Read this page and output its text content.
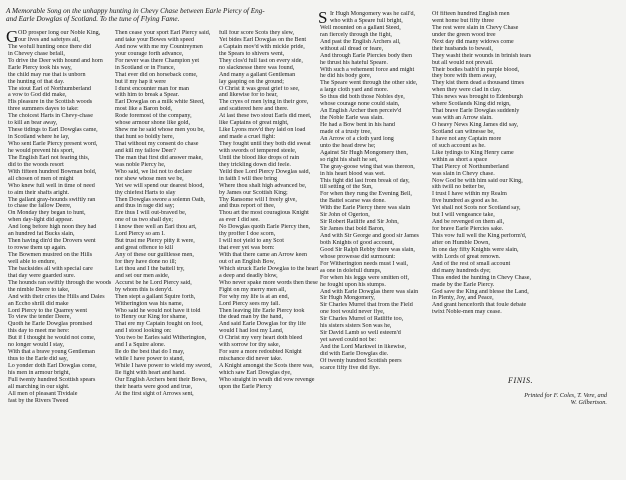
A Memorable Song on the unhappy hunting in Chevy Chase between Earle Piercy of Eng-
and Earle Dowglas of Scotland. To the tune of Flying Fame.
G OD prosper long our Noble King,
our lives and safetyes all,
The wofull hunting once there did
in Chevey chase befall,
To drive the Deer with hound and horn
Earle Piercy took his way,
the child may rue that is unborn
the hunting of that day.
The stout Earl of Northumberland
a vow to God did make,
His pleasure in the Scottish woods
three summers dayes to take:
The choicest Harts in Chevy-chase
to kill an bear away,
These tidings to Earl Dowglas came,
in Scotland where he lay,
Who sent Earle Piercy present word,
he would prevent his sport,
The English Earl not fearing this,
did to the woods resort
With fifteen hundred Bowman bold,
all chosen of men of might
Who knew full well in time of need
to aim their shafts aright.
The gallant gray-hounds swiftly ran
to chase the fallow Deere,
On Monday they began to hunt,
when day-light did appear.
And long before high noon they had
an hundred fat Bucks slain,
Then having din'd the Drovers went
to rowse them up again.
The Bowmen mustred on the Hills
well able to endure,
The backsides all with special care
that day were guarded sure.
The hounds ran swiftly through the woods
the nimble Deere to take,
And with their cries the Hills and Dales
an Eccho shrill did make
Lord Piercy to the Quarrey went
To view the tender Deere,
Quoth he Earle Dowglas promised
this day to meet me here:
But if I thought he would not come,
no longer would I stay,
With that a brave young Gentleman
thus to the Earle did say,
Lo yonder doth Earl Dowglas come,
his men in armour bright,
Full twenty hundred Scottish spears
all marching in our sight.
All men of pleasant Tividale
fast by the Rivers Tweed
Then cease your sport Earl Piercy said,
and take your Bowes with speed
And now with me my Countreymen
your courage forth advance,
For never was there Champion yet
in Scotland or in France,
That ever did on horseback come,
but if my hap it were
I durst encounter man for man
with him to break a Spear.
Earl Dowglas on a milk white Steed,
most like a Baron bold,
Rode foremost of the company,
whose armour shone like gold,
Shew me he said whose men you be,
that hunt so boldly here,
That without my consent do chase
and kill my fallow Deer?
The man that first did answer make,
was noble Piercy he,
Who said, we list not to declare
nor shew whose men we be,
Yet we will spend our dearest blood,
thy chiefest Harts to slay
Then Dowglas swore a solemn Oath,
and thus in rage did say;
Ere thus I will out-braved be,
one of us two shall dye;
I know thee well an Earl thou art,
Lord Piercy so am I.
But trust me Piercy pitty it were,
and great offence to kill
Any of these our guiltlesse men,
for they have done no ill;
Let thou and I the battell try,
and set our men aside,
Accurst be he Lord Piercy said,
by whom this is deny'd.
Then stept a gallant Squire forth,
Witherington was his name,
Who said he would not have it told
to Henry our King for shame,
That ere my Captain fought on foot,
and I stood looking on:
You two be Earles said Witherington,
and I a Squire alone.
Ile do the best that do I may,
while I have power to stand,
While I have power to wield my sword,
Ile fight with heart and hand.
Our English Archers bent their Bows,
their hearts were good and true,
At the first sight of Arrows sent,
full four score Scots they slew,
Yet bides Earl Dowglas on the Bent
a Captain mov'd with mickle pride,
the Spears to shivers went,
They clos'd full fast on every side,
no slacknesse there was found,
And many a gallant Gentleman
lay gasping on the ground;
O Christ it was great grief to see,
and likewise for to hear,
The cryes of men lying in their gore,
and scattered here and there.
At last these two stout Earls did meet,
like Captains of great might,
Like Lyons mov'd they laid on load
and made a cruel fight:
They fought until they both did sweat
with swords of tempered steele,
Until the blood like drops of rain
they trickling down did feele.
Yeild thee Lord Piercy Dowglas said,
in faith I will thee bring
Where thou shalt high advanced be,
by James our Scottish King;
Thy Ransome will I freely give,
and thus report of thee,
Thou art the most couragious Knight
as ever I did see.
No Dowglas quoth Earle Piercy then,
thy proffer I doe scorn,
I will not yield to any Scot
that ever yet was born:
With that there came an Arrow keen
out of an English Bow,
Which struck Earle Dowglas to the heart
a deep and deadly blow,
Who never spake more words then these
Fight on my merry men all,
For why my life is at an end,
Lord Piercy sees my fall.
Then leaving life Earle Piercy took
the dead man by the hand,
And said Earle Dowglas for thy life
would I had lost my Land,
O Christ my very heart doth bleed
with sorrow for thy sake,
For sure a more redoubted Knight
mischance did never take.
A Knight amongst the Scots there was,
which saw Earl Dowglas dye,
Who straight in wrath did vow revenge
upon the Earle Piercy
S Ir Hugh Mongomery was he call'd,
who with a Speare full bright,
Well mounted on a gallant Steed,
ran fiercely through the fight,
And past the English Archers all,
without all dread or feare,
And through Earle Piercies body then
he thrust his hateful Speare.
With such a vehement force and might
he did his body gore,
The Speare went through the other side,
a large cloth yard and more.
So thus did both those Nobles dye,
whose courage none could stain,
An English Archer then perceiv'd
the Noble Earle was slain.
He had a Bow bent in his hand
made of a trusty tree,
An Arrow of a cloth yard long
unto the head drew he;
Against Sir Hugh Mongomery then,
so right his shaft he set,
The gray-goose wing that was thereon,
in his heart blood was wet.
This fight did last from break of day,
till setting of the Sun,
For when they rung the Evening Bell,
the Battel scarse was done.
With the Earle Piercy there was slain
Sir John of Ogerton,
Sir Robert Ratliffe and Sir John,
Sir James that bold Baron,
And with Sir George and good sir James
both Knights of good account,
Good Sir Ralph Rebby there was slain,
whose prowesse did surmount:
For Witherington needs must I wail,
as one in dolefull dumps,
For when his leggs were smitten off,
he fought upon his stumps.
And with Earle Dowglas there was slain
Sir Hugh Mongomery,
Sir Charles Murrel that from the Field
one foot would never flye,
Sir Charles Murrel of Ratliffe too,
his sisters sisters Son was he,
Sir David Lamb so well esteem'd
yet saved could not be:
And the Lord Markwel in likewise,
did with Earle Dowglas die.
Of twenty hundred Scottish peers
scarce fifty five did flye.
Of fifteen hundred English men
went home but fifty three
The rest were slain in Chevy Chase
under the green wood tree
Next day did many widows come
their husbands to bewail,
They washt their wounds in brinish tears
but all would not prevail.
Their bodies bath'd in purple blood,
they bore with them away,
They kist them dead a thousand times
when they were clad in clay.
This news was brought to Edenburgh
where Scotlands King did reign,
That brave Earle Dowglas suddenly
was with an Arrow slain.
O heavy News King James did say,
Scotland can witnesse be,
I have not any Captain more
of such account as he.
Like tydings to King Henry came
within as short a space
That Piercy of Northumberland
was slain in Chevy chase.
Now God be with him said our King,
sith twill no better be,
I trust I have within my Realm
five hundred as good as he.
Yet shall not Scots nor Scotland say,
but I will vengeance take,
And be revenged on them all,
for brave Earle Piercies sake.
This vow full well the King perform'd,
after on Humble Down,
In one day fifty Knights were slain,
with Lords of great renown.
And of the rest of small account
did many hundreds dye;
Thus ended the hunting in Chevy Chase,
made by the Earle Piercy.
God save the King and blesse the Land,
in Plenty, Joy, and Peace,
And grant henceforth that foule debate
twixt Noble-men may cease.
FINIS.
Printed for F. Coles, T. Vere, and
W. Gilbertson.
